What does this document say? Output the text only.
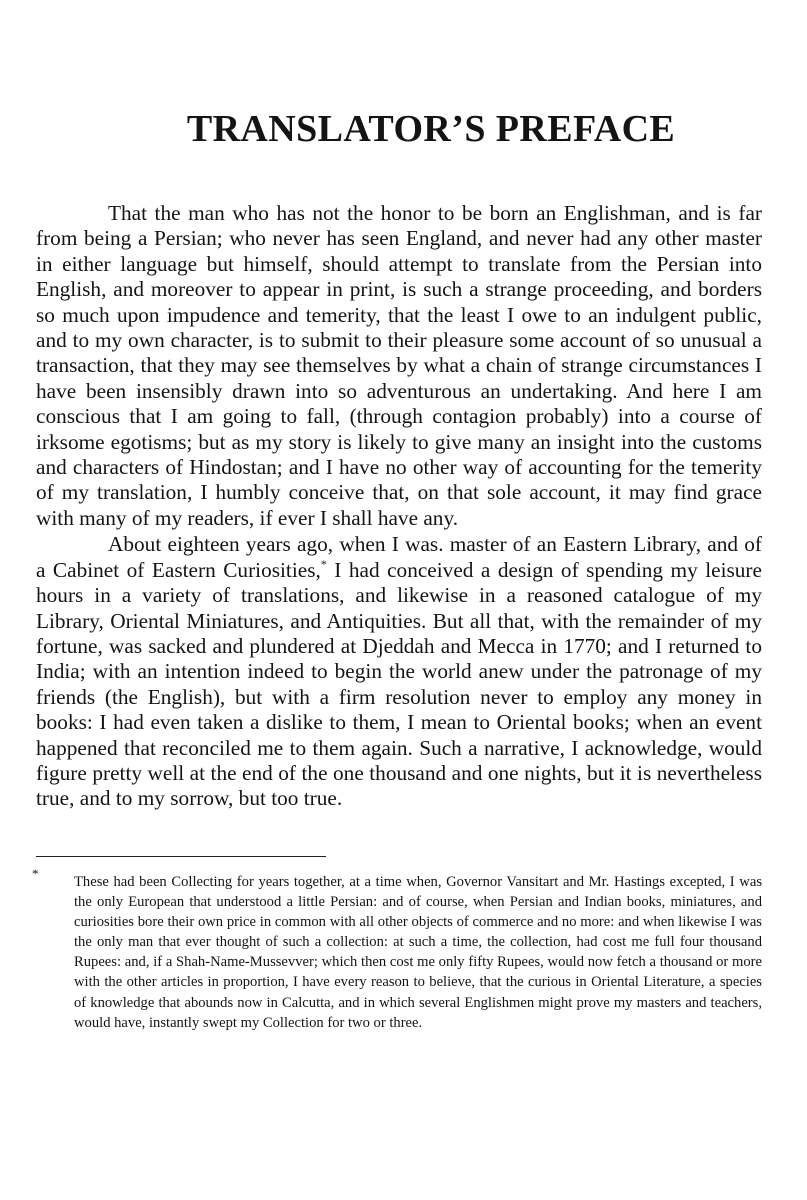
TRANSLATOR’S PREFACE

That the man who has not the honor to be born an Englishman, and is far from being a Persian; who never has seen England, and never had any other master in either language but himself, should attempt to translate from the Persian into English, and moreover to appear in print, is such a strange proceeding, and borders so much upon impudence and temerity, that the least I owe to an indulgent public, and to my own character, is to submit to their pleasure some account of so unusual a transaction, that they may see themselves by what a chain of strange circumstances I have been insensibly drawn into so adventurous an undertaking. And here I am conscious that I am going to fall, (through contagion probably) into a course of irksome egotisms; but as my story is likely to give many an insight into the customs and characters of Hindostan; and I have no other way of accounting for the temerity of my translation, I humbly conceive that, on that sole account, it may find grace with many of my readers, if ever I shall have any.

About eighteen years ago, when I was. master of an Eastern Library, and of a Cabinet of Eastern Curiosities,* I had conceived a design of spending my leisure hours in a variety of translations, and likewise in a reasoned catalogue of my Library, Oriental Miniatures, and Antiquities. But all that, with the remainder of my fortune, was sacked and plundered at Djeddah and Mecca in 1770; and I returned to India; with an intention indeed to begin the world anew under the patronage of my friends (the English), but with a firm resolution never to employ any money in books: I had even taken a dislike to them, I mean to Oriental books; when an event happened that reconciled me to them again. Such a narrative, I acknowledge, would figure pretty well at the end of the one thousand and one nights, but it is nevertheless true, and to my sorrow, but too true.

*

These had been Collecting for years together, at a time when, Governor Vansitart and Mr. Hastings excepted, I was the only European that understood a little Persian: and of course, when Persian and Indian books, miniatures, and curiosities bore their own price in common with all other objects of commerce and no more: and when likewise I was the only man that ever thought of such a collection: at such a time, the collection, had cost me full four thousand Rupees: and, if a Shah-Name-Mussevver; which then cost me only fifty Rupees, would now fetch a thousand or more with the other articles in proportion, I have every reason to believe, that the curious in Oriental Literature, a species of knowledge that abounds now in Calcutta, and in which several Englishmen might prove my masters and teachers, would have, instantly swept my Collection for two or three.
